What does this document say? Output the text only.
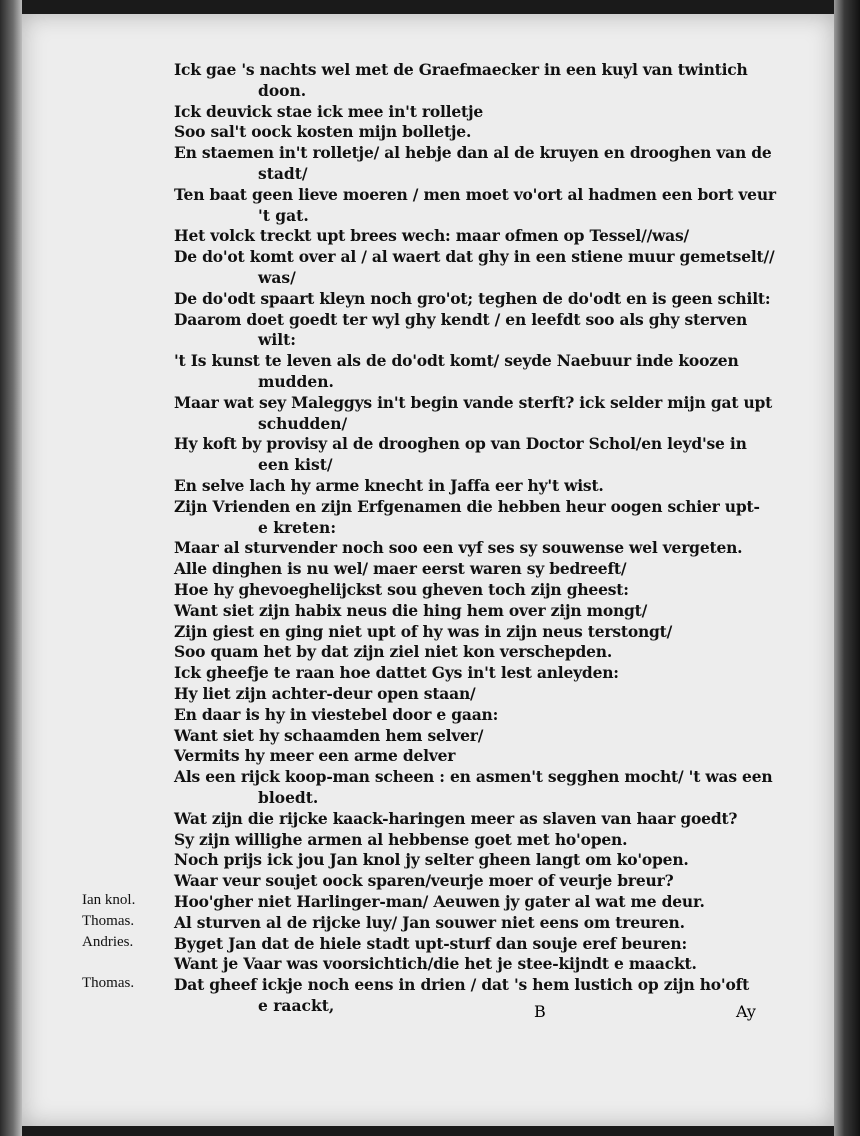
Ick gae 's nachts wel met de Graefmaecker in een kuyl van twintich
doon.
Ick deuvick stae ick mee in't rolletje
Soo sal't oock kosten mijn bolletje.
En staemen in't rolletje/ al hebje dan al de kruyen en drooghen van de
stadt/
Ten baat geen lieve moeren / men moet vo'ort al hadmen een bort veur
't gat.
Het volck treckt upt brees wech: maar ofmen op Tessel//was/
De do'ot komt over al / al waert dat ghy in een stiene muur gemetselt//
was/
De do'odt spaart kleyn noch gro'ot; teghen de do'odt en is geen schilt:
Daarom doet goedt ter wyl ghy kendt / en leefdt soo als ghy sterven
wilt:
't Is kunst te leven als de do'odt komt/ seyde Naebuur inde koozen
mudden.
Maar wat sey Maleggys in't begin vande sterft? ick selder mijn gat upt
schudden/
Hy koft by provisy al de drooghen op van Doctor Schol/en leyd'se in
een kist/
En selve lach hy arme knecht in Jaffa eer hy't wist.
Zijn Vrienden en zijn Erfgenamen die hebben heur oogen schier upt-
e kreten:
Maar al sturvender noch soo een vyf ses sy souwense wel vergeten.
Alle dinghen is nu wel/ maer eerst waren sy bedreeft/
Hoe hy ghevoeghelijckst sou gheven toch zijn gheest:
Want siet zijn habix neus die hing hem over zijn mongt/
Zijn giest en ging niet upt of hy was in zijn neus terstongt/
Soo quam het by dat zijn ziel niet kon verschepden.
Ick gheefje te raan hoe dattet Gys in't lest anleyden:
Hy liet zijn achter-deur open staan/
En daar is hy in viestebel door e gaan:
Want siet hy schaamden hem selver/
Vermits hy meer een arme delver
Als een rijck koop-man scheen : en asmen't segghen mocht/ 't was een
bloedt.
Wat zijn die rijcke kaack-haringen meer as slaven van haar goedt?
Sy zijn willighe armen al hebbense goet met ho'open.
Noch prijs ick jou Jan knol jy selter gheen langt om ko'open.
Waar veur soujet oock sparen/veurje moer of veurje breur?
Ian knol. Hoo'gher niet Harlinger-man/ Aeuwen jy gater al wat me deur.
Thomas.	Al sturven al de rijcke luy/ Jan souwer niet eens om treuren.
Andries.	Byget Jan dat de hiele stadt upt-sturf dan souje eref beuren:
Want je Vaar was voorsichtich/die het je stee-kijndt e maackt.
Thomas.	Dat gheef ickje noch eens in drien / dat 's hem lustich op zijn ho'oft
e raackt,	B	Ay
